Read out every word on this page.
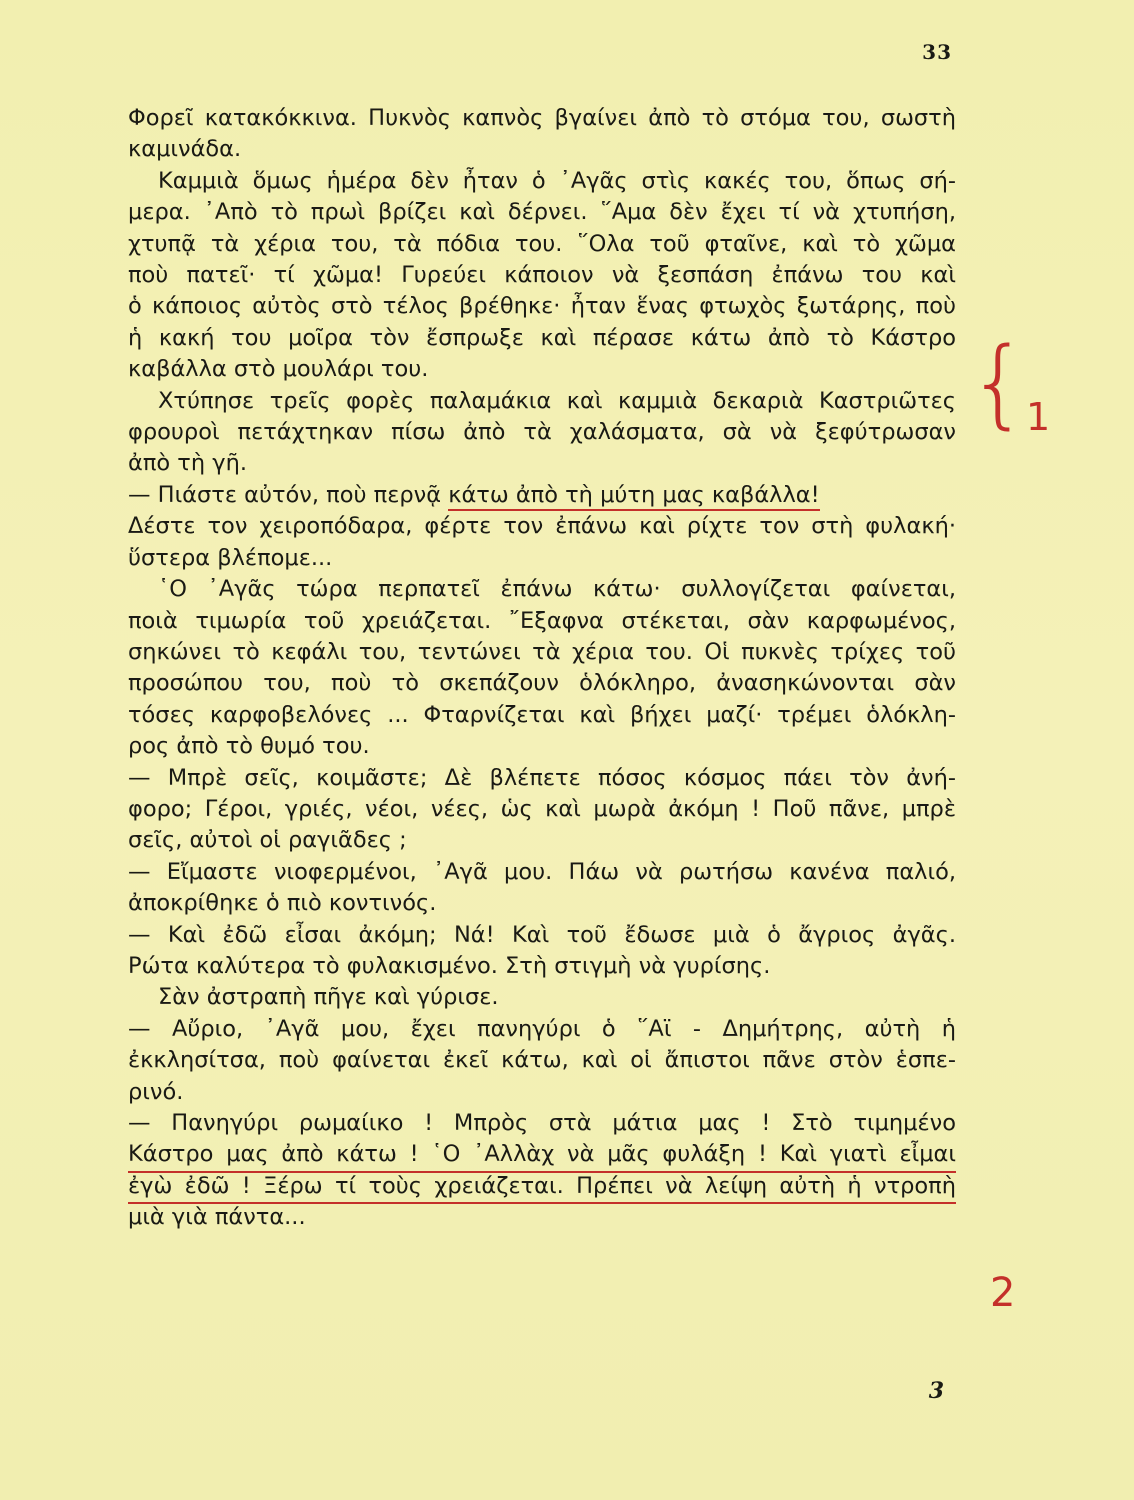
33
Φορεῖ κατακόκκινα. Πυκνὸς καπνὸς βγαίνει ἀπὸ τὸ στόμα του, σωστὴ
καμινάδα.
Καμμιὰ ὅμως ἡμέρα δὲν ἦταν ὁ ᾿Αγᾶς στὶς κακές του, ὅπως σή-
μερα. ᾿Απὸ τὸ πρωὶ βρίζει καὶ δέρνει. ῞Αμα δὲν ἔχει τί νὰ χτυπήση,
χτυπᾷ τὰ χέρια του, τὰ πόδια του. ῞Ολα τοῦ φταῖνε, καὶ τὸ χῶμα
ποὺ πατεῖ· τί χῶμα! Γυρεύει κάποιον νὰ ξεσπάση ἐπάνω του καὶ
ὁ κάποιος αὐτὸς στὸ τέλος βρέθηκε· ἦταν ἕνας φτωχὸς ξωτάρης, ποὺ
ἡ κακή του μοῖρα τὸν ἔσπρωξε καὶ πέρασε κάτω ἀπὸ τὸ Κάστρο
καβάλλα στὸ μουλάρι του.
Χτύπησε τρεῖς φορὲς παλαμάκια καὶ καμμιὰ δεκαριὰ Καστριῶτες
φρουροὶ πετάχτηκαν πίσω ἀπὸ τὰ χαλάσματα, σὰ νὰ ξεφύτρωσαν
ἀπὸ τὴ γῆ.
— Πιάστε αὐτόν, ποὺ περνᾷ κάτω ἀπὸ τὴ μύτη μας καβάλλα!
Δέστε τον χειροπόδαρα, φέρτε τον ἐπάνω καὶ ρίχτε τον στὴ φυλακή·
ὕστερα βλέπομε...
῾Ο ᾿Αγᾶς τώρα περπατεῖ ἐπάνω κάτω· συλλογίζεται φαίνεται,
ποιὰ τιμωρία τοῦ χρειάζεται. ῎Εξαφνα στέκεται, σὰν καρφωμένος,
σηκώνει τὸ κεφάλι του, τεντώνει τὰ χέρια του. Οἱ πυκνὲς τρίχες τοῦ
προσώπου του, ποὺ τὸ σκεπάζουν ὁλόκληρο, ἀνασηκώνονται σὰν
τόσες καρφοβελόνες ... Φταρνίζεται καὶ βήχει μαζί· τρέμει ὁλόκλη-
ρος ἀπὸ τὸ θυμό του.
— Μπρὲ σεῖς, κοιμᾶστε; Δὲ βλέπετε πόσος κόσμος πάει τὸν ἀνή-
φορο; Γέροι, γριές, νέοι, νέες, ὡς καὶ μωρὰ ἀκόμη ! Ποῦ πᾶνε, μπρὲ
σεῖς, αὐτοὶ οἱ ραγιᾶδες ;
— Εἴμαστε νιοφερμένοι, ᾿Αγᾶ μου. Πάω νὰ ρωτήσω κανένα παλιό,
ἀποκρίθηκε ὁ πιὸ κοντινός.
— Καὶ ἐδῶ εἶσαι ἀκόμη; Νά! Καὶ τοῦ ἔδωσε μιὰ ὁ ἄγριος ἀγᾶς.
Ρώτα καλύτερα τὸ φυλακισμένο. Στὴ στιγμὴ νὰ γυρίσης.
Σὰν ἀστραπὴ πῆγε καὶ γύρισε.
— Αὔριο, ᾿Αγᾶ μου, ἔχει πανηγύρι ὁ ῞Αϊ - Δημήτρης, αὐτὴ ἡ
ἐκκλησίτσα, ποὺ φαίνεται ἐκεῖ κάτω, καὶ οἱ ἄπιστοι πᾶνε στὸν ἑσπε-
ρινό.
— Πανηγύρι ρωμαίικο ! Μπρὸς στὰ μάτια μας ! Στὸ τιμημένο
Κάστρο μας ἀπὸ κάτω ! ῾Ο ᾿Αλλὰχ νὰ μᾶς φυλάξη ! Καὶ γιατὶ εἶμαι
ἐγὼ ἐδῶ ! Ξέρω τί τοὺς χρειάζεται. Πρέπει νὰ λείψη αὐτὴ ἡ ντροπὴ
μιὰ γιὰ πάντα...
{
1
2
3
